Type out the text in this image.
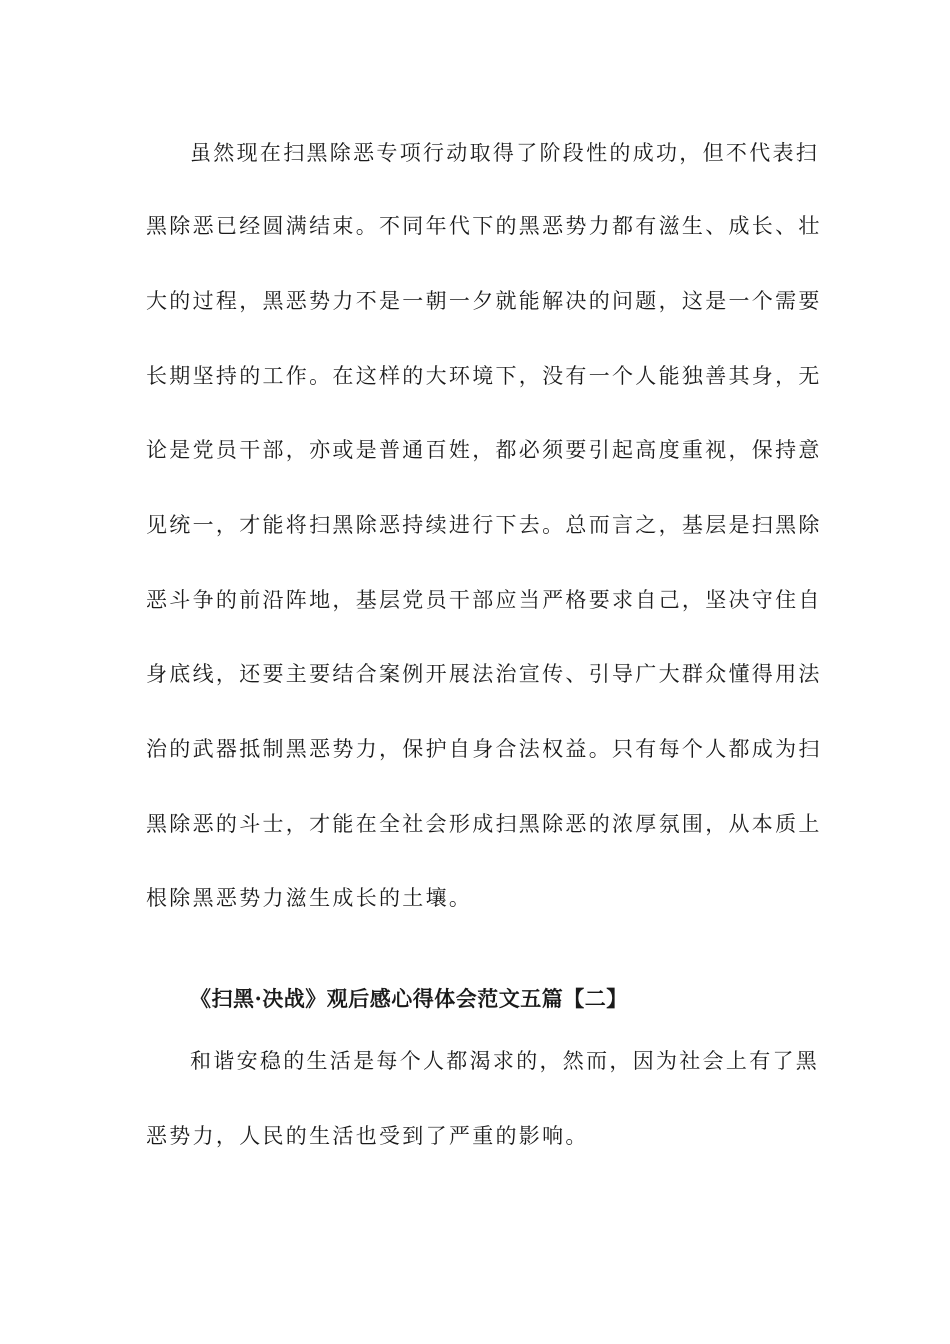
虽然现在扫黑除恶专项行动取得了阶段性的成功，但不代表扫
黑除恶已经圆满结束。不同年代下的黑恶势力都有滋生、成长、壮
大的过程，黑恶势力不是一朝一夕就能解决的问题，这是一个需要
长期坚持的工作。在这样的大环境下，没有一个人能独善其身，无
论是党员干部，亦或是普通百姓，都必须要引起高度重视，保持意
见统一，才能将扫黑除恶持续进行下去。总而言之，基层是扫黑除
恶斗争的前沿阵地，基层党员干部应当严格要求自己，坚决守住自
身底线，还要主要结合案例开展法治宣传、引导广大群众懂得用法
治的武器抵制黑恶势力，保护自身合法权益。只有每个人都成为扫
黑除恶的斗士，才能在全社会形成扫黑除恶的浓厚氛围，从本质上
根除黑恶势力滋生成长的土壤。
《扫黑·决战》观后感心得体会范文五篇【二】
和谐安稳的生活是每个人都渴求的，然而，因为社会上有了黑
恶势力，人民的生活也受到了严重的影响。
